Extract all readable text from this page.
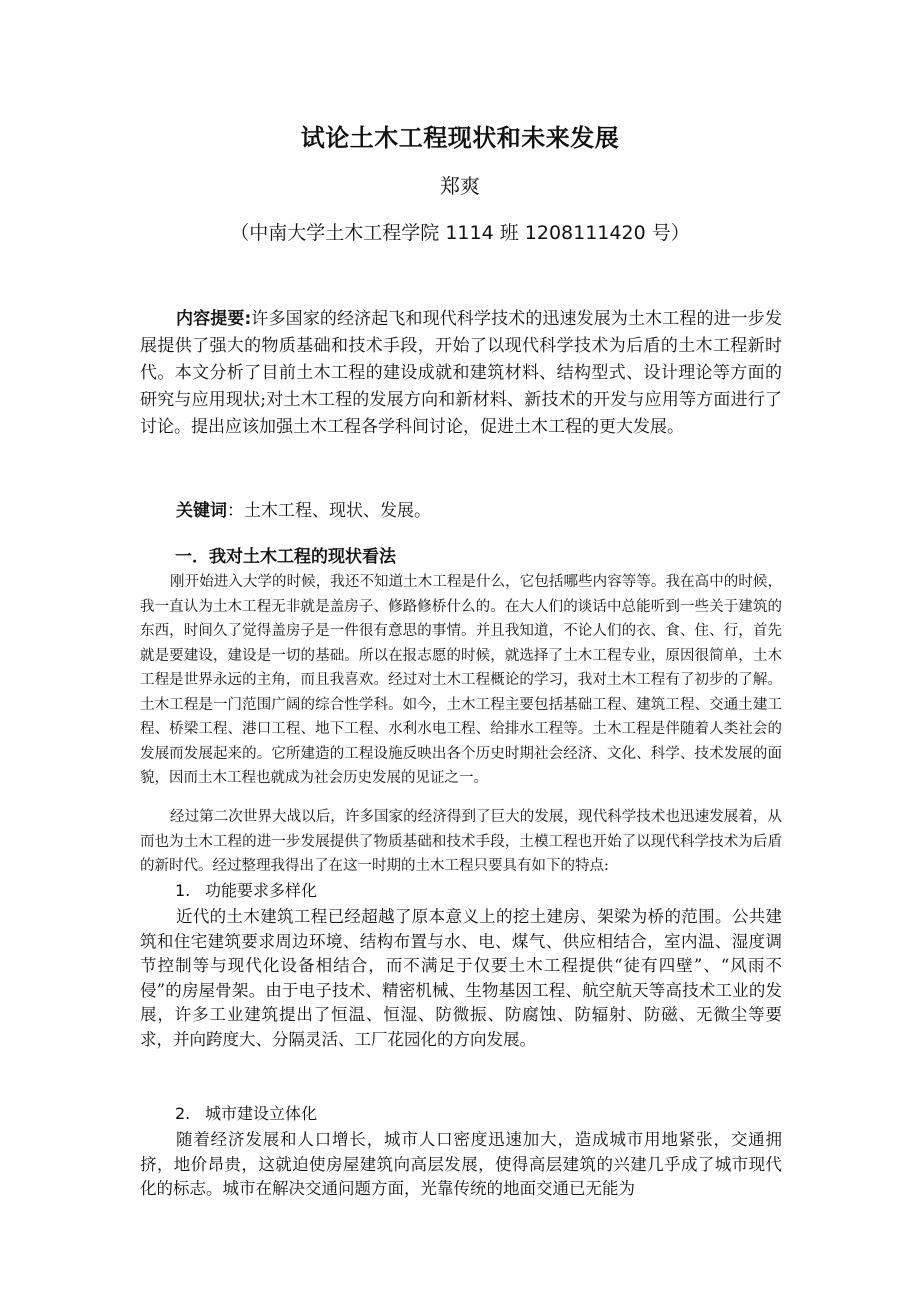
试论土木工程现状和未来发展
郑爽
（中南大学土木工程学院 1114 班 1208111420 号）
内容提要:许多国家的经济起飞和现代科学技术的迅速发展为土木工程的进一步发展提供了强大的物质基础和技术手段，开始了以现代科学技术为后盾的土木工程新时代。本文分析了目前土木工程的建设成就和建筑材料、结构型式、设计理论等方面的研究与应用现状;对土木工程的发展方向和新材料、新技术的开发与应用等方面进行了讨论。提出应该加强土木工程各学科间讨论，促进土木工程的更大发展。
关键词：土木工程、现状、发展。
一．我对土木工程的现状看法
刚开始进入大学的时候，我还不知道土木工程是什么，它包括哪些内容等等。我在高中的时候，我一直认为土木工程无非就是盖房子、修路修桥什么的。在大人们的谈话中总能听到一些关于建筑的东西，时间久了觉得盖房子是一件很有意思的事情。并且我知道，不论人们的衣、食、住、行，首先就是要建设，建设是一切的基础。所以在报志愿的时候，就选择了土木工程专业，原因很简单，土木工程是世界永远的主角，而且我喜欢。经过对土木工程概论的学习，我对土木工程有了初步的了解。土木工程是一门范围广阔的综合性学科。如今，土木工程主要包括基础工程、建筑工程、交通土建工程、桥梁工程、港口工程、地下工程、水利水电工程、给排水工程等。土木工程是伴随着人类社会的发展而发展起来的。它所建造的工程设施反映出各个历史时期社会经济、文化、科学、技术发展的面貌，因而土木工程也就成为社会历史发展的见证之一。
经过第二次世界大战以后，许多国家的经济得到了巨大的发展，现代科学技术也迅速发展着，从而也为土木工程的进一步发展提供了物质基础和技术手段，土模工程也开始了以现代科学技术为后盾的新时代。经过整理我得出了在这一时期的土木工程只要具有如下的特点:
1. 功能要求多样化
近代的土木建筑工程已经超越了原本意义上的挖土建房、架梁为桥的范围。公共建筑和住宅建筑要求周边环境、结构布置与水、电、煤气、供应相结合，室内温、湿度调节控制等与现代化设备相结合，而不满足于仅要土木工程提供“徒有四壁”、“风雨不侵”的房屋骨架。由于电子技术、精密机械、生物基因工程、航空航天等高技术工业的发展，许多工业建筑提出了恒温、恒湿、防微振、防腐蚀、防辐射、防磁、无微尘等要求，并向跨度大、分隔灵活、工厂花园化的方向发展。
2. 城市建设立体化
随着经济发展和人口增长，城市人口密度迅速加大，造成城市用地紧张，交通拥挤，地价昂贵，这就迫使房屋建筑向高层发展，使得高层建筑的兴建几乎成了城市现代化的标志。城市在解决交通问题方面，光靠传统的地面交通已无能为
